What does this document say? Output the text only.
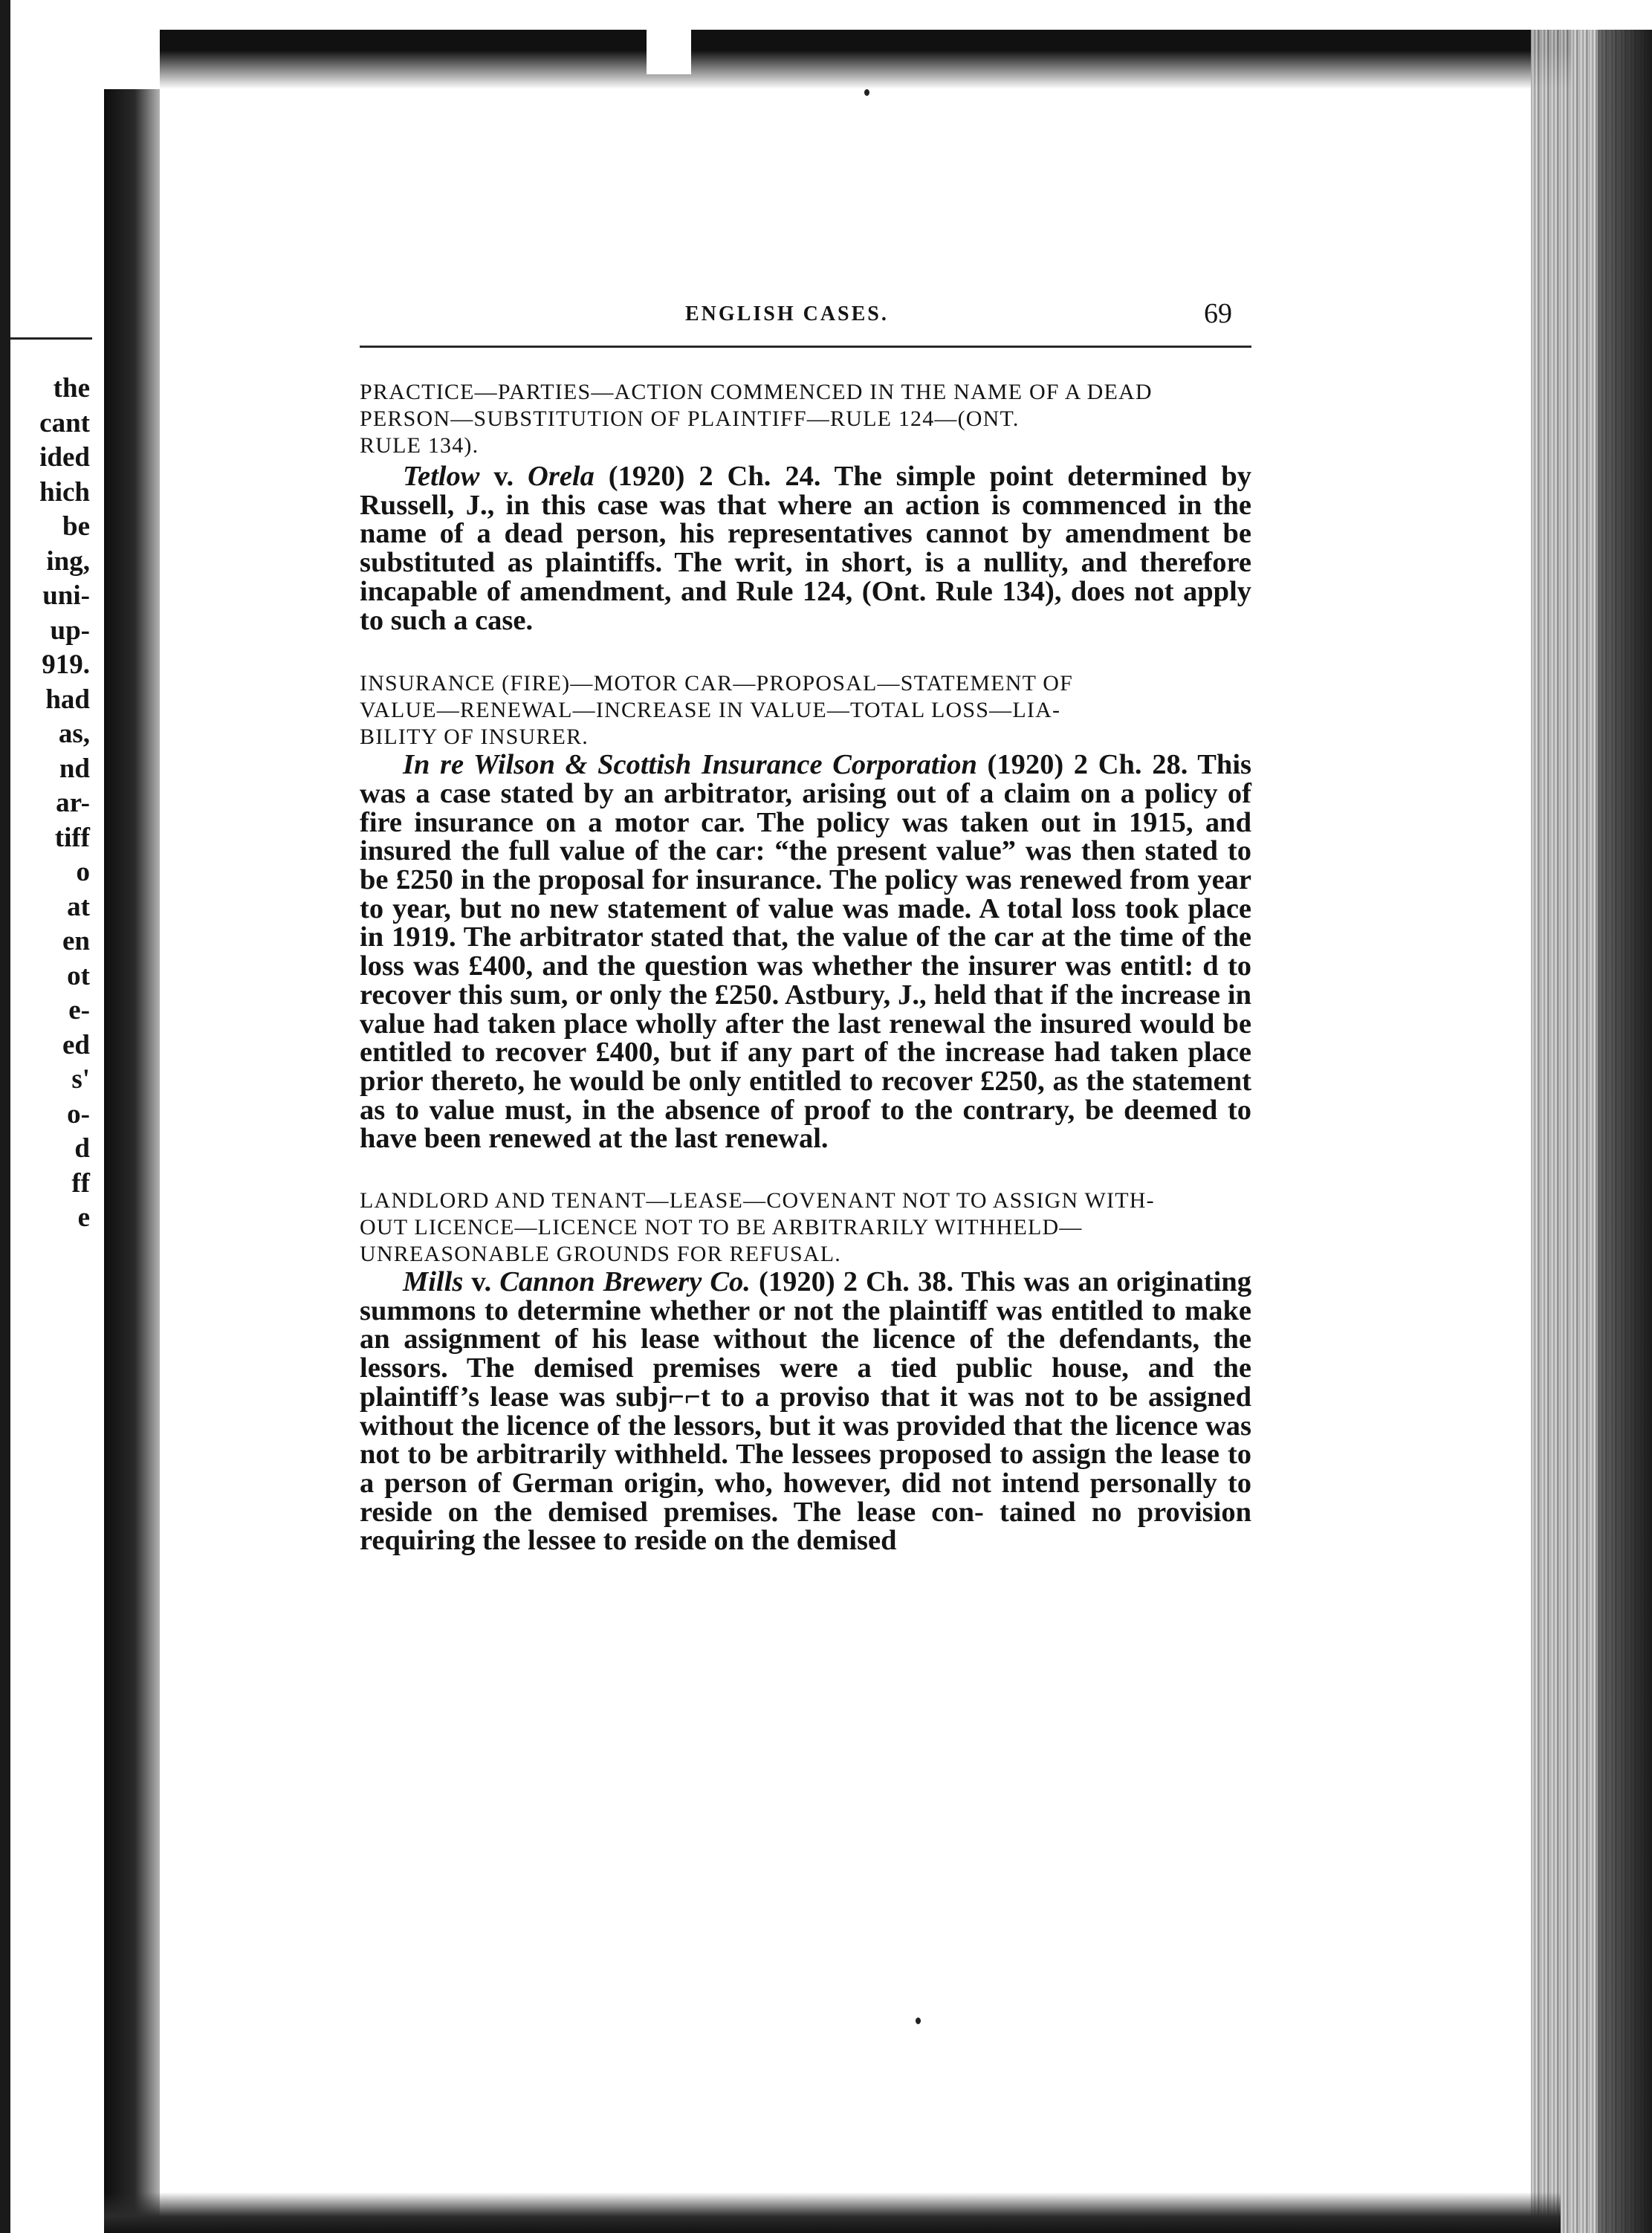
the
cant
ided
hich
be
ing,
uni-
up-
919.
had
as,
nd
ar-
tiff
o
at
en
ot
e-
ed
s'
o-
d
ff
e
ENGLISH CASES.	69
PRACTICE—PARTIES—ACTION COMMENCED IN THE NAME OF A DEAD
PERSON—SUBSTITUTION OF PLAINTIFF—RULE 124—(ONT.
RULE 134).

Tetlow v. Orela (1920) 2 Ch. 24. The simple point determined by Russell, J., in this case was that where an action is commenced in the name of a dead person, his representatives cannot by amendment be substituted as plaintiffs. The writ, in short, is a nullity, and therefore incapable of amendment, and Rule 124, (Ont. Rule 134), does not apply to such a case.

INSURANCE (FIRE)—MOTOR CAR—PROPOSAL—STATEMENT OF
VALUE—RENEWAL—INCREASE IN VALUE—TOTAL LOSS—LIA-
BILITY OF INSURER.

In re Wilson & Scottish Insurance Corporation (1920) 2 Ch. 28. This was a case stated by an arbitrator, arising out of a claim on a policy of fire insurance on a motor car. The policy was taken out in 1915, and insured the full value of the car: “the present value” was then stated to be £250 in the proposal for insurance. The policy was renewed from year to year, but no new statement of value was made. A total loss took place in 1919. The arbitrator stated that, the value of the car at the time of the loss was £400, and the question was whether the insurer was entitl: d to recover this sum, or only the £250. Astbury, J., held that if the increase in value had taken place wholly after the last renewal the insured would be entitled to recover £400, but if any part of the increase had taken place prior thereto, he would be only entitled to recover £250, as the statement as to value must, in the absence of proof to the contrary, be deemed to have been renewed at the last renewal.

LANDLORD AND TENANT—LEASE—COVENANT NOT TO ASSIGN WITH-
OUT LICENCE—LICENCE NOT TO BE ARBITRARILY WITHHELD—
UNREASONABLE GROUNDS FOR REFUSAL.

Mills v. Cannon Brewery Co. (1920) 2 Ch. 38. This was an originating summons to determine whether or not the plaintiff was entitled to make an assignment of his lease without the licence of the defendants, the lessors. The demised premises were a tied public house, and the plaintiff’s lease was subj⌐⌐t to a proviso that it was not to be assigned without the licence of the lessors, but it was provided that the licence was not to be arbitrarily withheld. The lessees proposed to assign the lease to a person of German origin, who, however, did not intend personally to reside on the demised premises. The lease con- tained no provision requiring the lessee to reside on the demised
